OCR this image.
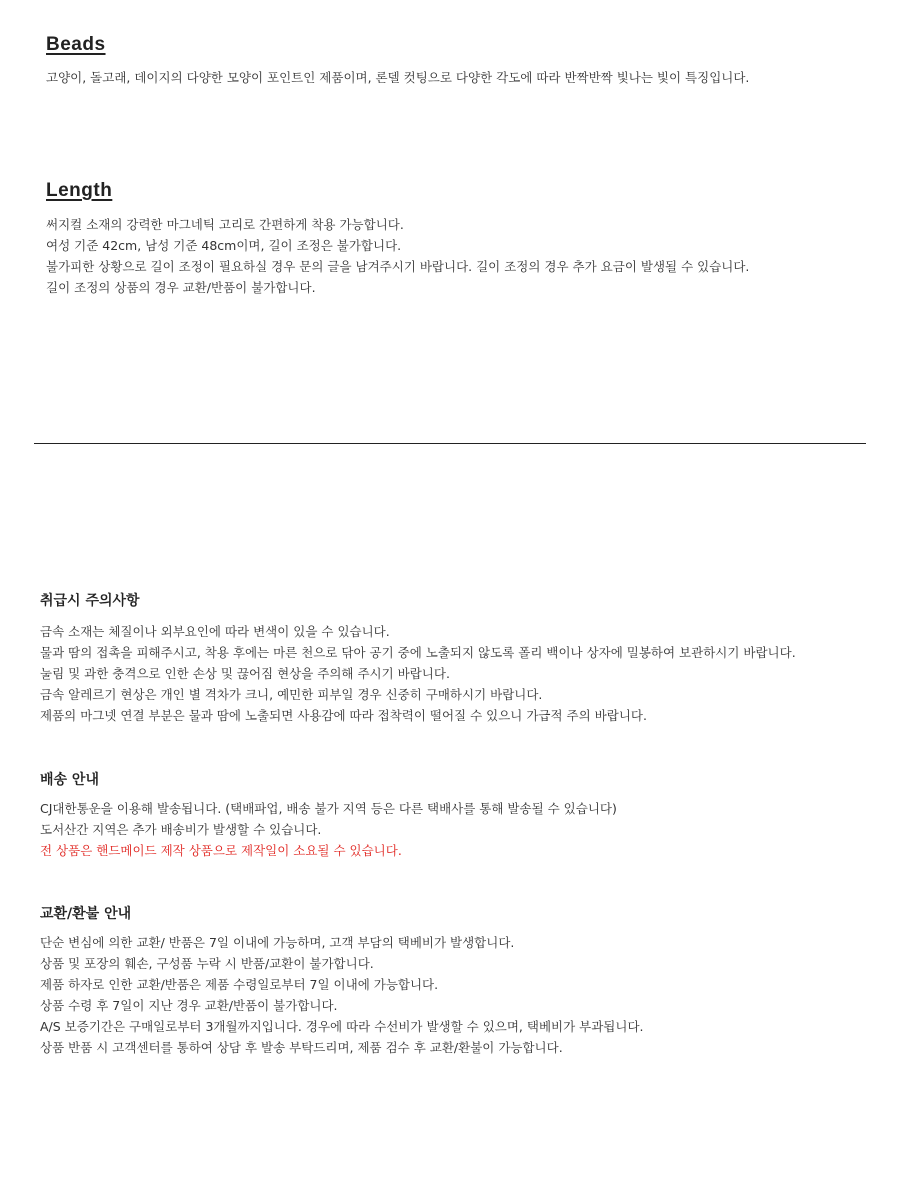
Beads

고양이, 돌고래, 데이지의 다양한 모양이 포인트인 제품이며, 론델 컷팅으로 다양한 각도에 따라 반짝반짝 빛나는 빛이 특징입니다.

Length

써지컬 소재의 강력한 마그네틱 고리로 간편하게 착용 가능합니다.

여성 기준 42cm, 남성 기준 48cm이며, 길이 조정은 불가합니다.

불가피한 상황으로 길이 조정이 필요하실 경우 문의 글을 남겨주시기 바랍니다. 길이 조정의 경우 추가 요금이 발생될 수 있습니다.

길이 조정의 상품의 경우 교환/반품이 불가합니다.

취급시 주의사항

금속 소재는 체질이나 외부요인에 따라 변색이 있을 수 있습니다.

물과 땀의 접촉을 피해주시고, 착용 후에는 마른 천으로 닦아 공기 중에 노출되지 않도록 폴리 백이나 상자에 밀봉하여 보관하시기 바랍니다.

눌림 및 과한 충격으로 인한 손상 및 끊어짐 현상을 주의해 주시기 바랍니다.

금속 알레르기 현상은 개인 별 격차가 크니, 예민한 피부일 경우 신중히 구매하시기 바랍니다.

제품의 마그넷 연결 부분은 물과 땀에 노출되면 사용감에 따라 접착력이 떨어질 수 있으니 가급적 주의 바랍니다.

배송 안내

CJ대한통운을 이용해 발송됩니다. (택배파업, 배송 불가 지역 등은 다른 택배사를 통해 발송될 수 있습니다)

도서산간 지역은 추가 배송비가 발생할 수 있습니다.

전 상품은 핸드메이드 제작 상품으로 제작일이 소요될 수 있습니다.

교환/환불 안내

단순 변심에 의한 교환/ 반품은 7일 이내에 가능하며, 고객 부담의 택베비가 발생합니다.

상품 및 포장의 훼손, 구성품 누락 시 반품/교환이 불가합니다.

제품 하자로 인한 교환/반품은 제품 수령일로부터 7일 이내에 가능합니다.

상품 수령 후 7일이 지난 경우 교환/반품이 불가합니다.

A/S 보증기간은 구매일로부터 3개월까지입니다. 경우에 따라 수선비가 발생할 수 있으며, 택베비가 부과됩니다.

상품 반품 시 고객센터를 통하여 상담 후 발송 부탁드리며, 제품 검수 후 교환/환불이 가능합니다.
